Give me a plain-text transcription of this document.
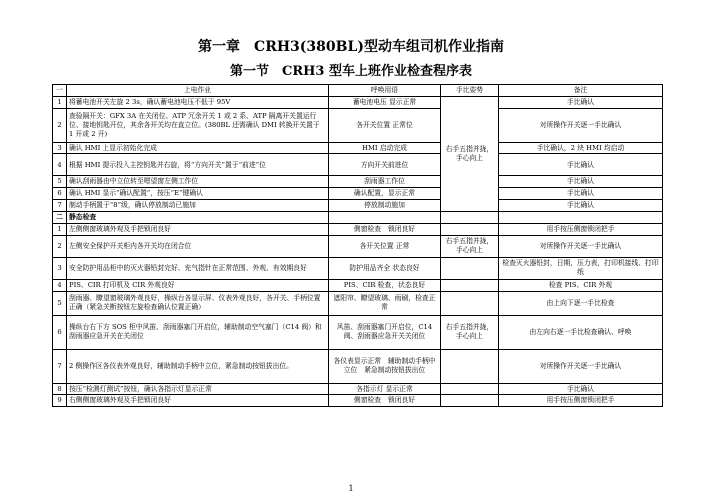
第一章　CRH3(380BL)型动车组司机作业指南
第一节　CRH3 型车上班作业检查程序表
一	上电作业	呼唤用语	手比姿势	备注
1	将蓄电池开关左旋 2 3s，确认蓄电池电压不低于 95V	蓄电池电压 显示正常	右手五指并拢，手心向上	手比确认
2	查验隔开关：GFX 3A 在关闭位、ATP 冗余开关 1 或 2 系、ATP 隔离开关置运行位、接地钥匙开位，其余各开关均在直立位。(380BL 还需确认 DMI 转换开关置于 1 开或 2 开)	各开关位置 正常位		对所操作开关逐一手比确认
3	确认 HMI 上显示初始化完成	HMI 启动完成		手比确认，2 块 HMI 均启动
4	根据 HMI 提示投入主控钥匙并右旋，将“方向开关”置于“前进”位	方向开关前进位		手比确认
5	确认刮雨器由中立位转至嗯望窗左侧工作位	刮雨器工作位		手比确认
6	确认 HMI 显示“确认配置”，按压“E”键确认	确认配置，显示正常		手比确认
7	制动手柄置于“8”级，确认停放制动已施加	停放制动施加		手比确认
二	静态检查			
1	左侧侧窗玻璃外观及手把锁闭良好	侧窗检查　锁闭良好		用手按压侧窗锁闭把手
2	左侧安全保护开关柜内各开关均在闭合位	各开关位置 正常	右手五指并拢，手心向上	对所操作开关逐一手比确认
3	安全防护用品柜中的灭火器铅封完好、充气指针在正常范围、外观、有效期良好	防护用品齐全 状态良好		检查灭火器铅封，日期，压力表，打印机接线、打印纸
4	PIS、CIR 打印机及 CIR 外观良好	PIS、CIR 检查，状态良好		检查 PIS、CIR 外观
5	刮雨器、瞭望窗玻璃外观良好，操纵台各显示屏、仪表外观良好，各开关、手柄位置正确（紧急关断按钮左旋检查确认位置正确）	遮阳帘、瞭望玻璃、雨刷，检查正常		由上向下逐一手比检查
6	操纵台右下方 SOS 柜中风笛、刮雨器塞门开启位，辅助制动空气塞门（C14 阀）和刮雨器应急开关在关闭位	风笛、刮雨器塞门开启位，C14 阀、刮雨器应急开关关闭位	右手五指并拢，手心向上	由左向右逐一手比检查确认、呼唤
7	2 侧操作区各仪表外观良好，辅助制动手柄中立位，紧急制动按钮拔出位。	各仪表显示正常　辅助制动手柄中立位　紧急制动按钮拔出位		对所操作开关逐一手比确认
8	按压“检测灯测试”按钮，确认各指示灯显示正常	各指示灯 显示正常		手比确认
9	右侧侧窗玻璃外观及手把锁闭良好	侧窗检查　锁闭良好		用手按压侧窗锁闭把手
1
